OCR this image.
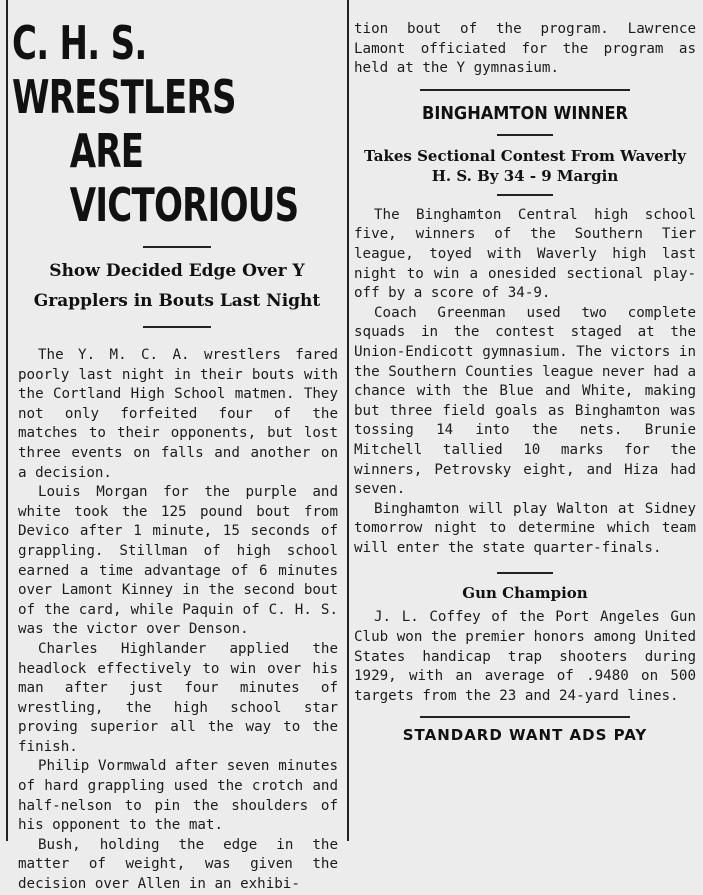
C. H. S. WRESTLERS
ARE VICTORIOUS
Show Decided Edge Over Y Grapplers in Bouts Last Night

The Y. M. C. A. wrestlers fared poorly last night in their bouts with the Cortland High School matmen. They not only forfeited four of the matches to their opponents, but lost three events on falls and another on a decision.

Louis Morgan for the purple and white took the 125 pound bout from Devico after 1 minute, 15 seconds of grappling. Stillman of high school earned a time advantage of 6 minutes over Lamont Kinney in the second bout of the card, while Paquin of C. H. S. was the victor over Denson.

Charles Highlander applied the headlock effectively to win over his man after just four minutes of wrestling, the high school star proving superior all the way to the finish.

Philip Vormwald after seven minutes of hard grappling used the crotch and half-nelson to pin the shoulders of his opponent to the mat.

Bush, holding the edge in the matter of weight, was given the decision over Allen in an exhibi-

tion bout of the program. Lawrence Lamont officiated for the program as held at the Y gymnasium.

BINGHAMTON WINNER
Takes Sectional Contest From Waverly H. S. By 34 - 9 Margin

The Binghamton Central high school five, winners of the Southern Tier league, toyed with Waverly high last night to win a onesided sectional play-off by a score of 34-9.

Coach Greenman used two complete squads in the contest staged at the Union-Endicott gymnasium. The victors in the Southern Counties league never had a chance with the Blue and White, making but three field goals as Binghamton was tossing 14 into the nets. Brunie Mitchell tallied 10 marks for the winners, Petrovsky eight, and Hiza had seven.

Binghamton will play Walton at Sidney tomorrow night to determine which team will enter the state quarter-finals.

Gun Champion

J. L. Coffey of the Port Angeles Gun Club won the premier honors among United States handicap trap shooters during 1929, with an average of .9480 on 500 targets from the 23 and 24-yard lines.

STANDARD WANT ADS PAY
